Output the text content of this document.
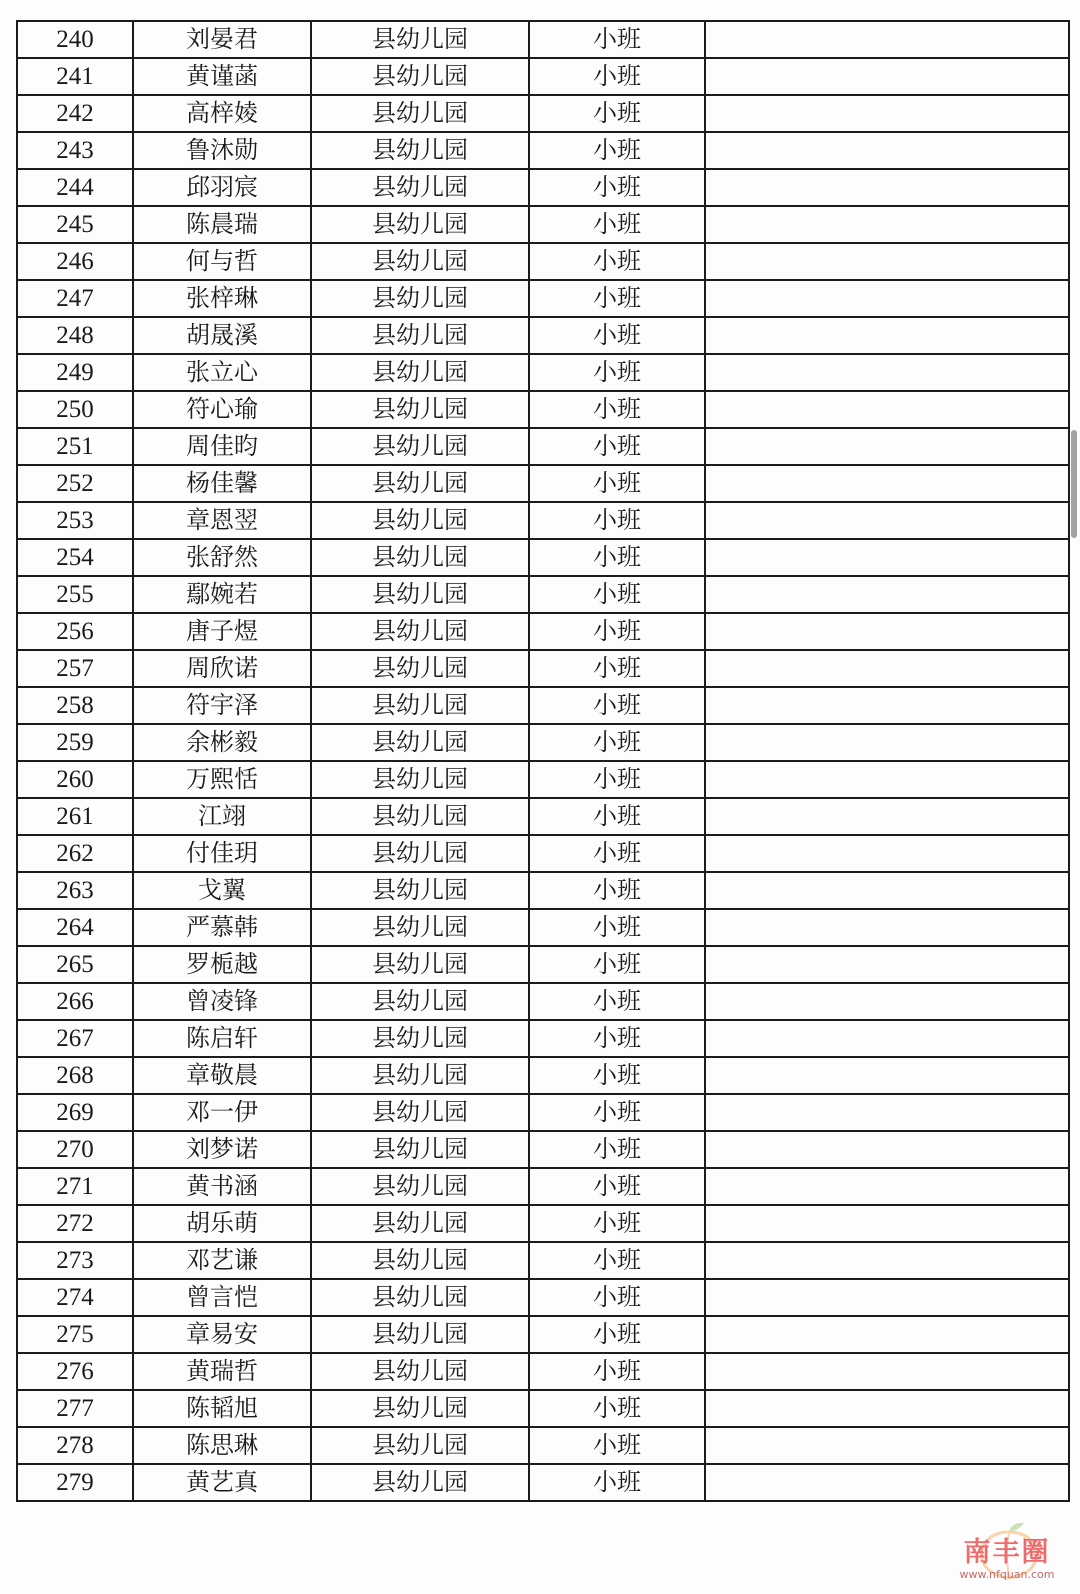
240	刘晏君	县幼儿园	小班	
241	黄谨菡	县幼儿园	小班	
242	高梓婈	县幼儿园	小班	
243	鲁沐勋	县幼儿园	小班	
244	邱羽宸	县幼儿园	小班	
245	陈晨瑞	县幼儿园	小班	
246	何与哲	县幼儿园	小班	
247	张梓琳	县幼儿园	小班	
248	胡晟溪	县幼儿园	小班	
249	张立心	县幼儿园	小班	
250	符心瑜	县幼儿园	小班	
251	周佳昀	县幼儿园	小班	
252	杨佳馨	县幼儿园	小班	
253	章恩翌	县幼儿园	小班	
254	张舒然	县幼儿园	小班	
255	鄢婉若	县幼儿园	小班	
256	唐子煜	县幼儿园	小班	
257	周欣诺	县幼儿园	小班	
258	符宇泽	县幼儿园	小班	
259	余彬毅	县幼儿园	小班	
260	万熙恬	县幼儿园	小班	
261	江翊	县幼儿园	小班	
262	付佳玥	县幼儿园	小班	
263	戈翼	县幼儿园	小班	
264	严慕韩	县幼儿园	小班	
265	罗栀越	县幼儿园	小班	
266	曾凌锋	县幼儿园	小班	
267	陈启轩	县幼儿园	小班	
268	章敬晨	县幼儿园	小班	
269	邓一伊	县幼儿园	小班	
270	刘梦诺	县幼儿园	小班	
271	黄书涵	县幼儿园	小班	
272	胡乐萌	县幼儿园	小班	
273	邓艺谦	县幼儿园	小班	
274	曾言恺	县幼儿园	小班	
275	章易安	县幼儿园	小班	
276	黄瑞哲	县幼儿园	小班	
277	陈韬旭	县幼儿园	小班	
278	陈思琳	县幼儿园	小班	
279	黄艺真	县幼儿园	小班	
南丰圈
www.nfquan.com
